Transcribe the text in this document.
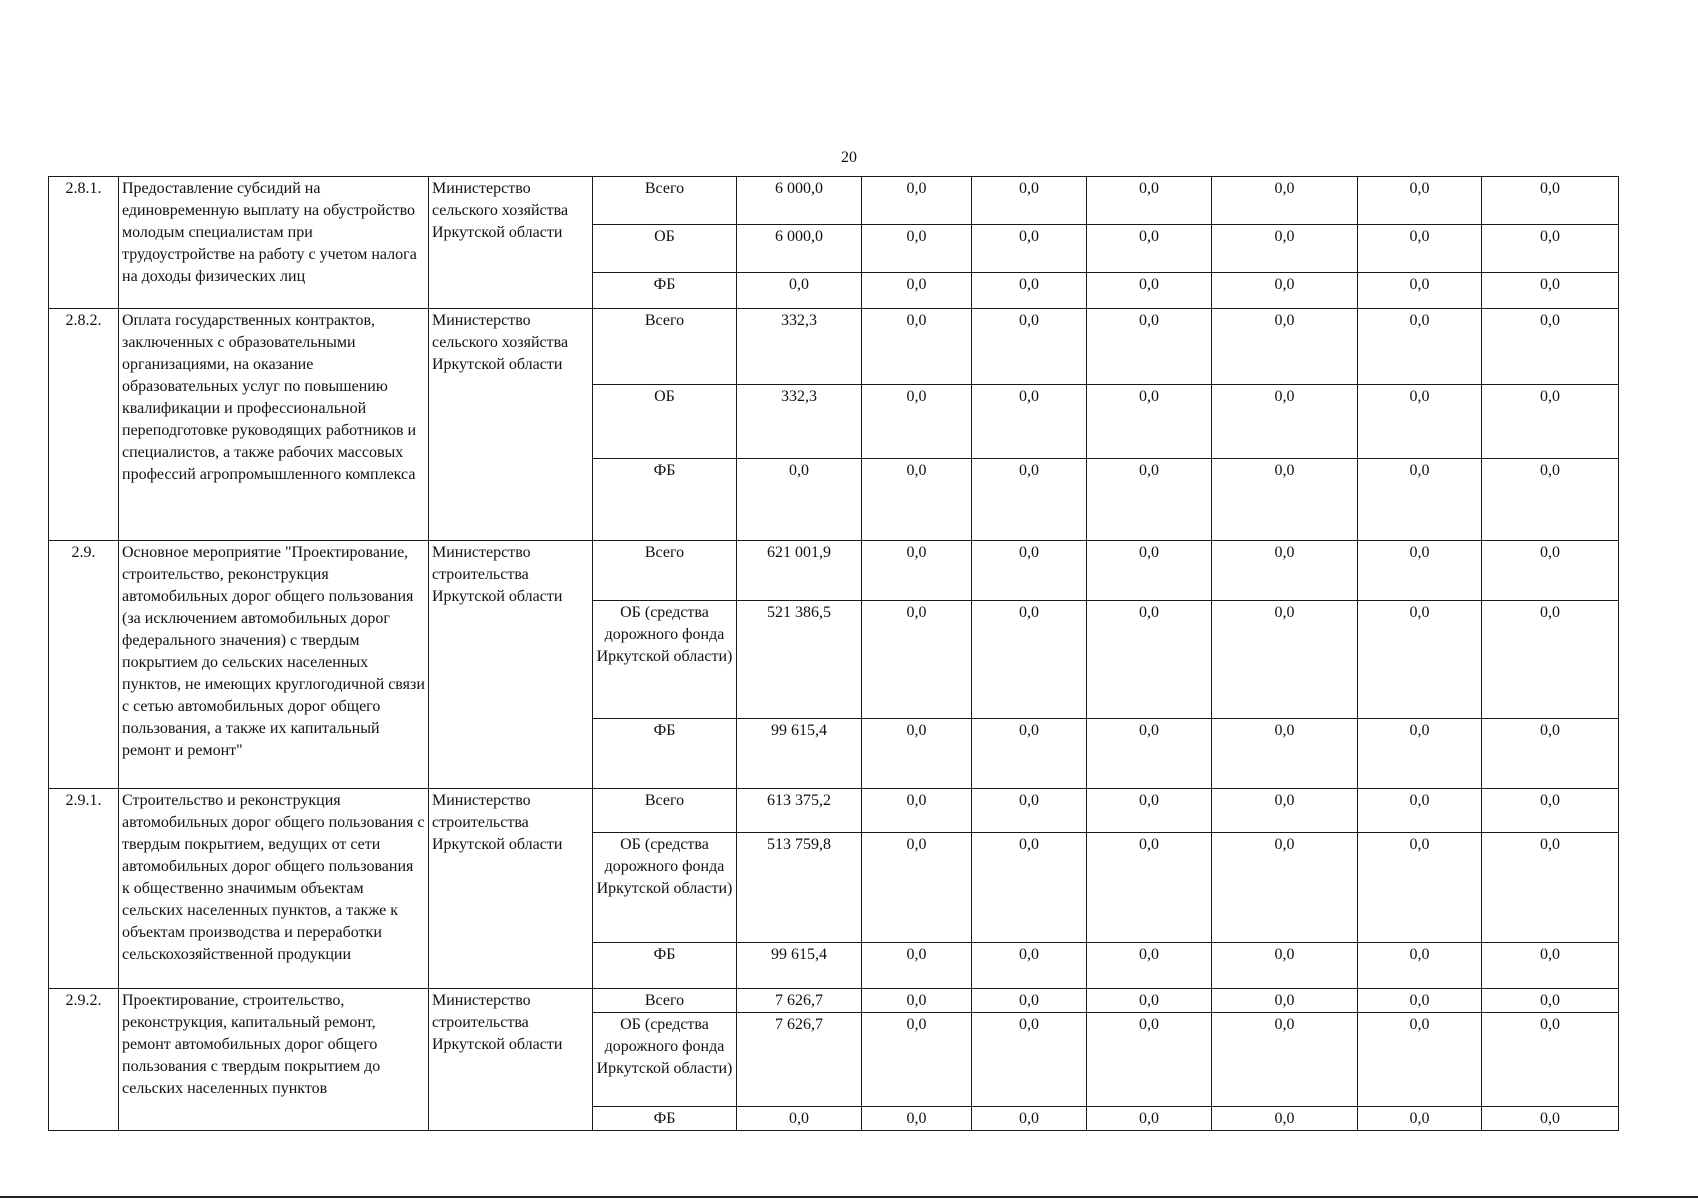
20
2.8.1.	Предоставление субсидий на единовременную выплату на обустройство молодым специалистам при трудоустройстве на работу с учетом налога на доходы физических лиц	Министерство сельского хозяйства Иркутской области	Всего	6 000,0	0,0	0,0	0,0	0,0	0,0	0,0
			ОБ	6 000,0	0,0	0,0	0,0	0,0	0,0	0,0
			ФБ	0,0	0,0	0,0	0,0	0,0	0,0	0,0
2.8.2.	Оплата государственных контрактов, заключенных с образовательными организациями, на оказание образовательных услуг по повышению квалификации и профессиональной переподготовке руководящих работников и специалистов, а также рабочих массовых профессий агропромышленного комплекса	Министерство сельского хозяйства Иркутской области	Всего	332,3	0,0	0,0	0,0	0,0	0,0	0,0
			ОБ	332,3	0,0	0,0	0,0	0,0	0,0	0,0
			ФБ	0,0	0,0	0,0	0,0	0,0	0,0	0,0
2.9.	Основное мероприятие "Проектирование, строительство, реконструкция автомобильных дорог общего пользования (за исключением автомобильных дорог федерального значения) с твердым покрытием до сельских населенных пунктов, не имеющих круглогодичной связи с сетью автомобильных дорог общего пользования, а также их капитальный ремонт и ремонт"	Министерство строительства Иркутской области	Всего	621 001,9	0,0	0,0	0,0	0,0	0,0	0,0
			ОБ (средства дорожного фонда Иркутской области)	521 386,5	0,0	0,0	0,0	0,0	0,0	0,0
			ФБ	99 615,4	0,0	0,0	0,0	0,0	0,0	0,0
2.9.1.	Строительство и реконструкция автомобильных дорог общего пользования с твердым покрытием, ведущих от сети автомобильных дорог общего пользования к общественно значимым объектам сельских населенных пунктов, а также к объектам производства и переработки сельскохозяйственной продукции	Министерство строительства Иркутской области	Всего	613 375,2	0,0	0,0	0,0	0,0	0,0	0,0
			ОБ (средства дорожного фонда Иркутской области)	513 759,8	0,0	0,0	0,0	0,0	0,0	0,0
			ФБ	99 615,4	0,0	0,0	0,0	0,0	0,0	0,0
2.9.2.	Проектирование, строительство, реконструкция, капитальный ремонт, ремонт автомобильных дорог общего пользования с твердым покрытием до сельских населенных пунктов	Министерство строительства Иркутской области	Всего	7 626,7	0,0	0,0	0,0	0,0	0,0	0,0
			ОБ (средства дорожного фонда Иркутской области)	7 626,7	0,0	0,0	0,0	0,0	0,0	0,0
			ФБ	0,0	0,0	0,0	0,0	0,0	0,0	0,0
